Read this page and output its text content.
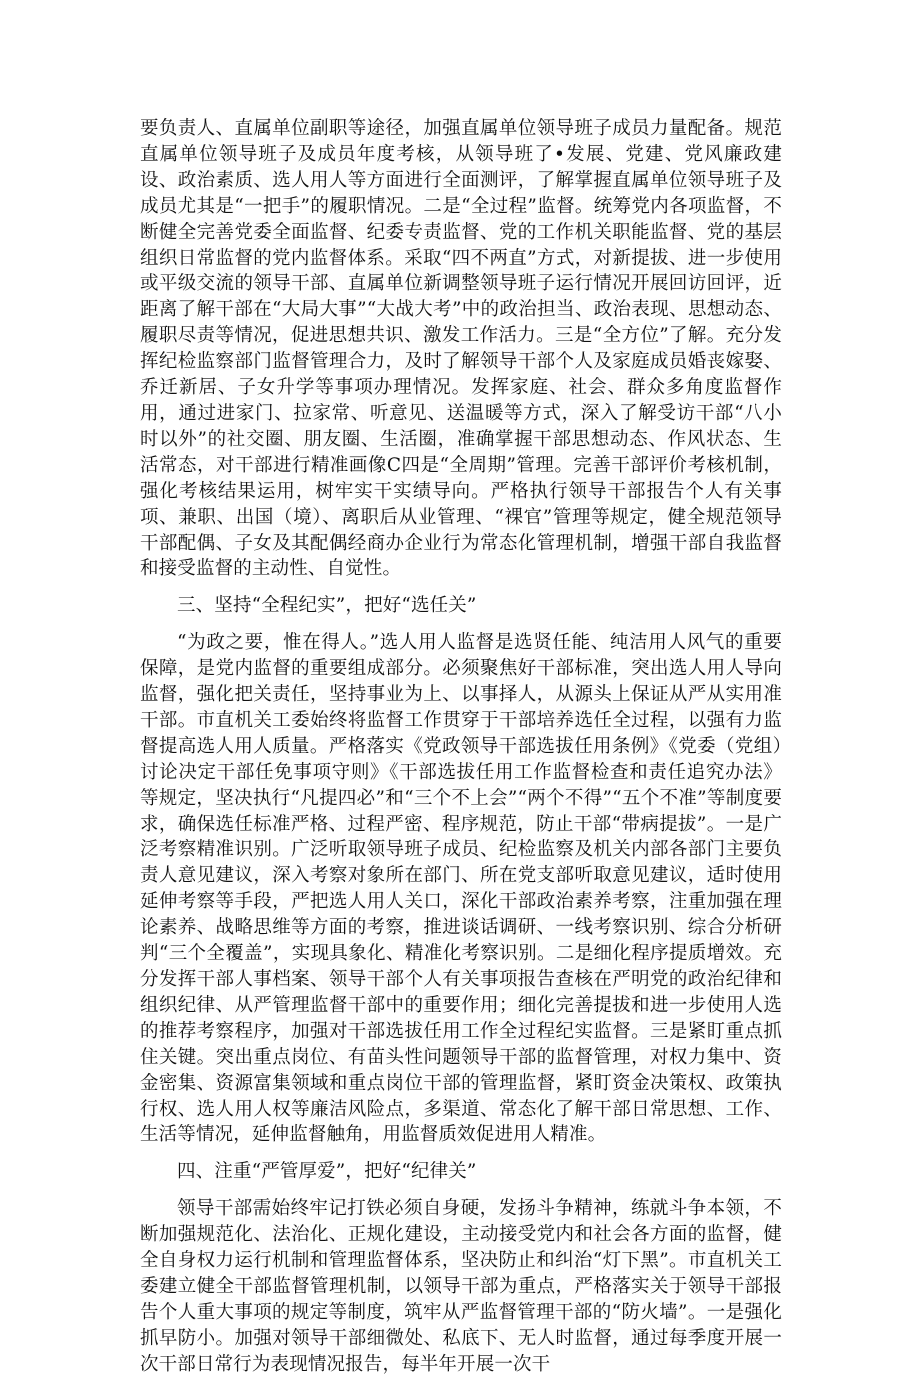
要负责人、直属单位副职等途径，加强直属单位领导班子成员力量配备。规范直属单位领导班子及成员年度考核，从领导班了•发展、党建、党风廉政建设、政治素质、选人用人等方面进行全面测评，了解掌握直属单位领导班子及成员尤其是“一把手”的履职情况。二是“全过程”监督。统筹党内各项监督，不断健全完善党委全面监督、纪委专责监督、党的工作机关职能监督、党的基层组织日常监督的党内监督体系。采取“四不两直”方式，对新提拔、进一步使用或平级交流的领导干部、直属单位新调整领导班子运行情况开展回访回评，近距离了解干部在“大局大事”“大战大考”中的政治担当、政治表现、思想动态、履职尽责等情况，促进思想共识、激发工作活力。三是“全方位”了解。充分发挥纪检监察部门监督管理合力，及时了解领导干部个人及家庭成员婚丧嫁娶、乔迁新居、子女升学等事项办理情况。发挥家庭、社会、群众多角度监督作用，通过进家门、拉家常、听意见、送温暖等方式，深入了解受访干部“八小时以外”的社交圈、朋友圈、生活圈，准确掌握干部思想动态、作风状态、生活常态，对干部进行精准画像C四是“全周期”管理。完善干部评价考核机制，强化考核结果运用，树牢实干实绩导向。严格执行领导干部报告个人有关事项、兼职、出国（境）、离职后从业管理、“裸官”管理等规定，健全规范领导干部配偶、子女及其配偶经商办企业行为常态化管理机制，增强干部自我监督和接受监督的主动性、自觉性。

三、坚持“全程纪实”，把好“选任关”

“为政之要，惟在得人。”选人用人监督是选贤任能、纯洁用人风气的重要保障，是党内监督的重要组成部分。必须聚焦好干部标准，突出选人用人导向监督，强化把关责任，坚持事业为上、以事择人，从源头上保证从严从实用准干部。市直机关工委始终将监督工作贯穿于干部培养选任全过程，以强有力监督提高选人用人质量。严格落实《党政领导干部选拔任用条例》《党委（党组）讨论决定干部任免事项守则》《干部选拔任用工作监督检查和责任追究办法》等规定，坚决执行“凡提四必”和“三个不上会”“两个不得”“五个不准”等制度要求，确保选任标准严格、过程严密、程序规范，防止干部“带病提拔”。一是广泛考察精准识别。广泛听取领导班子成员、纪检监察及机关内部各部门主要负责人意见建议，深入考察对象所在部门、所在党支部听取意见建议，适时使用延伸考察等手段，严把选人用人关口，深化干部政治素养考察，注重加强在理论素养、战略思维等方面的考察，推进谈话调研、一线考察识别、综合分析研判“三个全覆盖”，实现具象化、精准化考察识别。二是细化程序提质增效。充分发挥干部人事档案、领导干部个人有关事项报告查核在严明党的政治纪律和组织纪律、从严管理监督干部中的重要作用；细化完善提拔和进一步使用人选的推荐考察程序，加强对干部选拔任用工作全过程纪实监督。三是紧盯重点抓住关键。突出重点岗位、有苗头性问题领导干部的监督管理，对权力集中、资金密集、资源富集领域和重点岗位干部的管理监督，紧盯资金决策权、政策执行权、选人用人权等廉洁风险点，多渠道、常态化了解干部日常思想、工作、生活等情况，延伸监督触角，用监督质效促进用人精准。

四、注重“严管厚爱”，把好“纪律关”

领导干部需始终牢记打铁必须自身硬，发扬斗争精神，练就斗争本领，不断加强规范化、法治化、正规化建设，主动接受党内和社会各方面的监督，健全自身权力运行机制和管理监督体系，坚决防止和纠治“灯下黑”。市直机关工委建立健全干部监督管理机制，以领导干部为重点，严格落实关于领导干部报告个人重大事项的规定等制度，筑牢从严监督管理干部的“防火墙”。一是强化抓早防小。加强对领导干部细微处、私底下、无人时监督，通过每季度开展一次干部日常行为表现情况报告，每半年开展一次干
